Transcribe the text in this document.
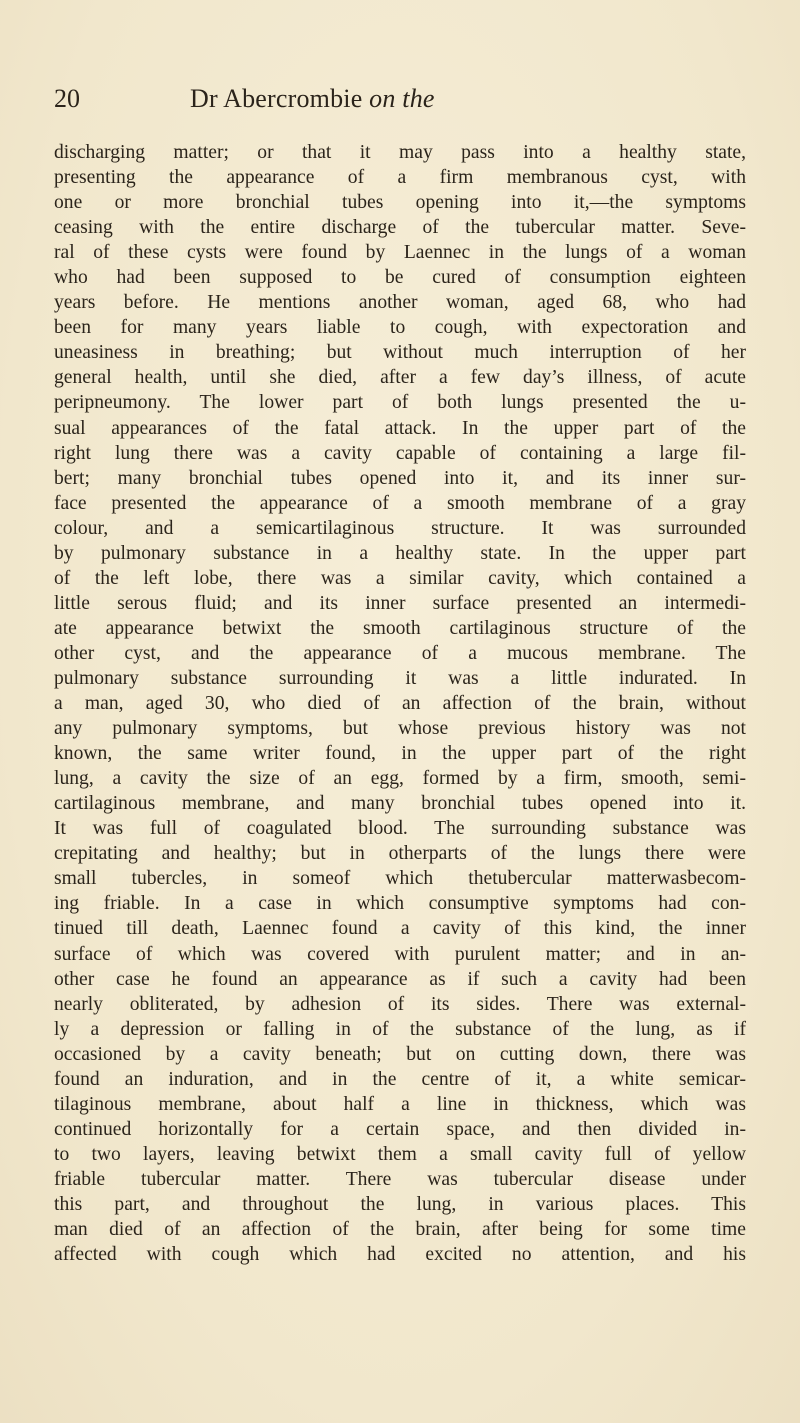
20	Dr Abercrombie on the
discharging matter; or that it may pass into a healthy state,
presenting the appearance of a firm membranous cyst, with
one or more bronchial tubes opening into it,—the symptoms
ceasing with the entire discharge of the tubercular matter. Seve-
ral of these cysts were found by Laennec in the lungs of a woman
who had been supposed to be cured of consumption eighteen
years before. He mentions another woman, aged 68, who had
been for many years liable to cough, with expectoration and
uneasiness in breathing; but without much interruption of her
general health, until she died, after a few day’s illness, of acute
peripneumony. The lower part of both lungs presented the u-
sual appearances of the fatal attack. In the upper part of the
right lung there was a cavity capable of containing a large fil-
bert; many bronchial tubes opened into it, and its inner sur-
face presented the appearance of a smooth membrane of a gray
colour, and a semicartilaginous structure. It was surrounded
by pulmonary substance in a healthy state. In the upper part
of the left lobe, there was a similar cavity, which contained a
little serous fluid; and its inner surface presented an intermedi-
ate appearance betwixt the smooth cartilaginous structure of the
other cyst, and the appearance of a mucous membrane. The
pulmonary substance surrounding it was a little indurated. In
a man, aged 30, who died of an affection of the brain, without
any pulmonary symptoms, but whose previous history was not
known, the same writer found, in the upper part of the right
lung, a cavity the size of an egg, formed by a firm, smooth, semi-
cartilaginous membrane, and many bronchial tubes opened into it.
It was full of coagulated blood. The surrounding substance was
crepitating and healthy; but in otherparts of the lungs there were
small tubercles, in someof which thetubercular matterwasbecom-
ing friable. In a case in which consumptive symptoms had con-
tinued till death, Laennec found a cavity of this kind, the inner
surface of which was covered with purulent matter; and in an-
other case he found an appearance as if such a cavity had been
nearly obliterated, by adhesion of its sides. There was external-
ly a depression or falling in of the substance of the lung, as if
occasioned by a cavity beneath; but on cutting down, there was
found an induration, and in the centre of it, a white semicar-
tilaginous membrane, about half a line in thickness, which was
continued horizontally for a certain space, and then divided in-
to two layers, leaving betwixt them a small cavity full of yellow
friable tubercular matter. There was tubercular disease under
this part, and throughout the lung, in various places. This
man died of an affection of the brain, after being for some time
affected with cough which had excited no attention, and his
